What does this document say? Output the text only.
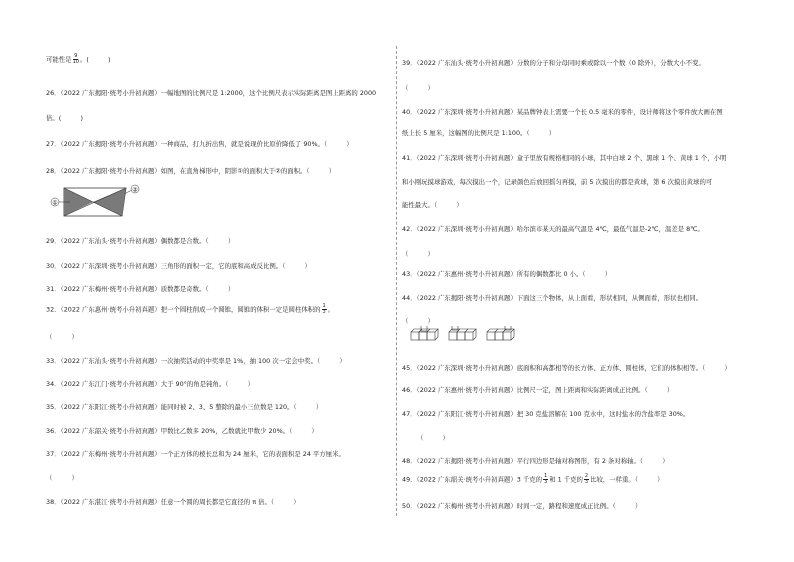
可能性是 $\frac{9}{10}$ 。(　　　)
26．（2022 广东揭阳·统考小升初真题）一幅地图的比例尺是 1:2000，这个比例尺表示实际距离是图上距离的 2000
倍。(　　　)
27．（2022 广东揭阳·统考小升初真题）一种商品，打九折出售，就是说现价比原价降低了 90%。（　　　）
28．（2022 广东揭阳·统考小升初真题）如图，在直角梯形中，阴影①的面积大于②的面积。（　　　）
①
②
29．（2022 广东汕头·统考小升初真题）偶数都是合数。（　　　）
30．（2022 广东深圳·统考小升初真题）三角形的面积一定，它的底和高成反比例。（　　　）
31．（2022 广东梅州·统考小升初真题）质数都是奇数。（　　　）
32．（2022 广东惠州·统考小升初真题）把一个圆柱削成一个圆锥，圆锥的体积一定是圆柱体积的 $\frac{1}{3}$ 。
（　　　）
33．（2022 广东汕头·统考小升初真题）一次抽奖活动的中奖率是 1%，抽 100 次一定会中奖。（　　　）
34．（2022 广东江门·统考小升初真题）大于 90°的角是钝角。（　　　）
35．（2022 广东阳江·统考小升初真题）能同时被 2、3、5 整除的最小三位数是 120。（　　　）
36．（2022 广东韶关·统考小升初真题）甲数比乙数多 20%，乙数就比甲数少 20%。（　　　）
37．（2022 广东梅州·统考小升初真题）一个正方体的棱长总和为 24 厘米，它的表面积是 24 平方厘米。
（　　　）
38．（2022 广东湛江·统考小升初真题）任意一个圆的周长都是它直径的 π 倍。（　　　）
39．（2022 广东汕头·统考小升初真题）分数的分子和分母同时乘或除以一个数（0 除外），分数大小不变。
（　　　）
40．（2022 广东深圳·统考小升初真题）某品牌钟表上需要一个长 0.5 毫米的零件，设计师将这个零件放大画在图
纸上长 5 厘米，这幅图的比例尺是 1:100。（　　　）
41．（2022 广东深圳·统考小升初真题）盒子里放有规格相同的小球，其中白球 2 个、黑球 1 个、黄球 1 个，小明
和小刚玩摸球游戏，每次摸出一个，记录颜色后放回摇匀再摸，前 5 次摸出的都是黄球，第 6 次摸出黄球的可
能性最大。（　　　）
42．（2022 广东深圳·统考小升初真题）哈尔滨市某天的最高气温是 4℃，最低气温是-2℃，温差是 8℃。
（　　　）
43．（2022 广东惠州·统考小升初真题）所有的偶数都比 0 小。（　　　）
44．（2022 广东揭阳·统考小升初真题）下面这三个物体，从上面看，形状相同，从侧面看，形状也相同。
（　　　）
45．（2022 广东深圳·统考小升初真题）底面积和高都相等的长方体、正方体、圆柱体，它们的体积相等。（　　　）
46．（2022 广东惠州·统考小升初真题）比例尺一定，图上距离和实际距离成正比例。（　　　）
47．（2022 广东阳江·统考小升初真题）把 30 克盐溶解在 100 克水中，这时盐水的含盐率是 30%。
（　　　）
48．（2022 广东揭阳·统考小升初真题）平行四边形是轴对称图形，有 2 条对称轴。（　　　）
49．（2022 广东韶关·统考小升初真题）3 千克的 $\frac{1}{3}$ 和 1 千克的 $\frac{2}{3}$ 比较，一样重。（　　　）
50．（2022 广东梅州·统考小升初真题）时间一定，路程和速度成正比例。（　　　）
